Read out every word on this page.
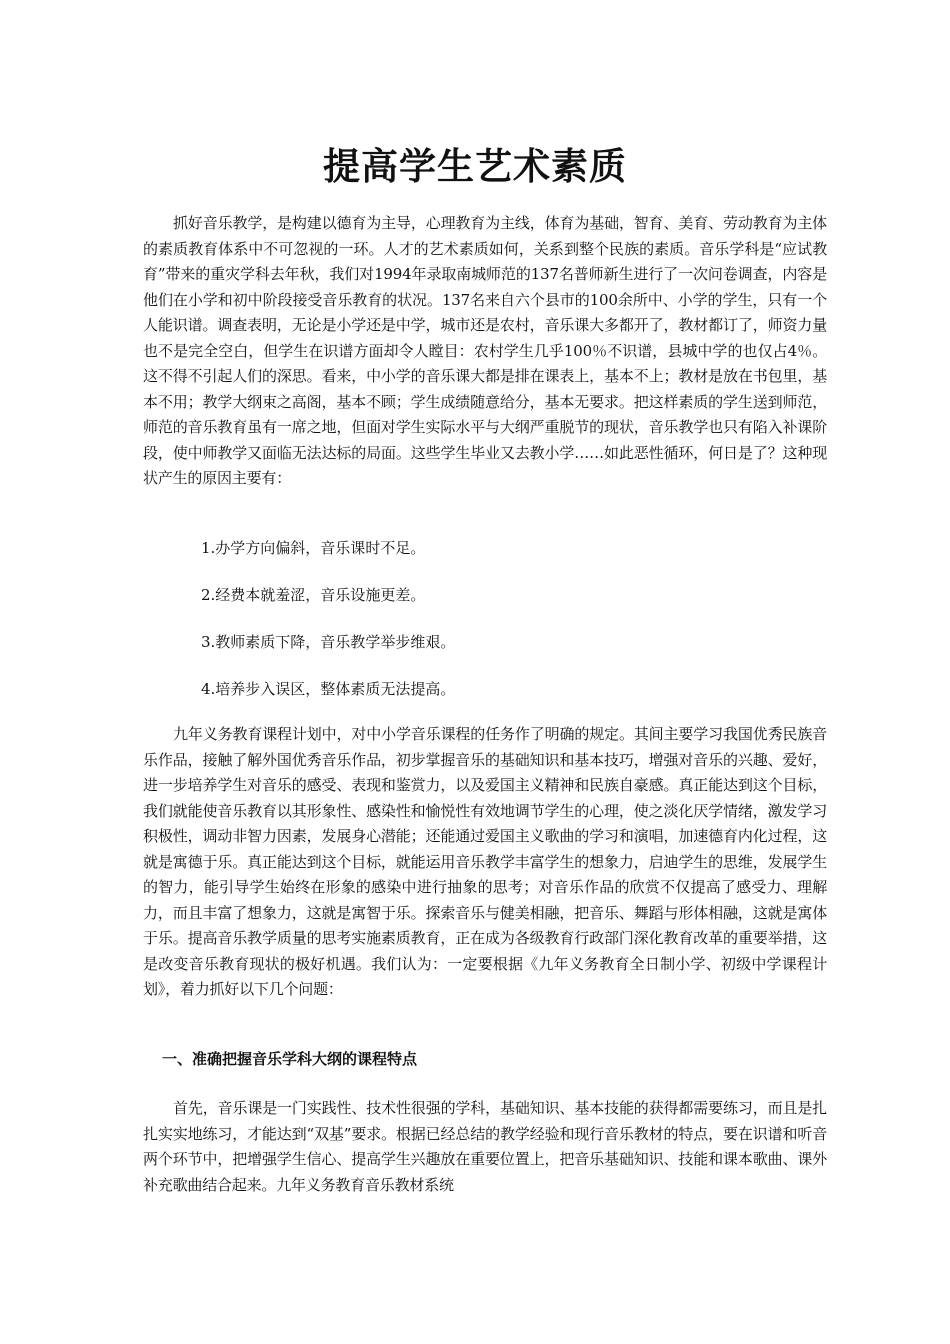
提高学生艺术素质

抓好音乐教学，是构建以德育为主导，心理教育为主线，体育为基础，智育、美育、劳动教育为主体的素质教育体系中不可忽视的一环。人才的艺术素质如何，关系到整个民族的素质。音乐学科是“应试教育”带来的重灾学科去年秋，我们对1994年录取南城师范的137名普师新生进行了一次问卷调查，内容是他们在小学和初中阶段接受音乐教育的状况。137名来自六个县市的100余所中、小学的学生，只有一个人能识谱。调查表明，无论是小学还是中学，城市还是农村，音乐课大多都开了，教材都订了，师资力量也不是完全空白，但学生在识谱方面却令人瞠目：农村学生几乎100％不识谱，县城中学的也仅占4％。这不得不引起人们的深思。看来，中小学的音乐课大都是排在课表上，基本不上；教材是放在书包里，基本不用；教学大纲束之高阁，基本不顾；学生成绩随意给分，基本无要求。把这样素质的学生送到师范，师范的音乐教育虽有一席之地，但面对学生实际水平与大纲严重脱节的现状，音乐教学也只有陷入补课阶段，使中师教学又面临无法达标的局面。这些学生毕业又去教小学……如此恶性循环，何日是了？这种现状产生的原因主要有：

1.办学方向偏斜，音乐课时不足。

2.经费本就羞涩，音乐设施更差。

3.教师素质下降，音乐教学举步维艰。

4.培养步入误区，整体素质无法提高。

九年义务教育课程计划中，对中小学音乐课程的任务作了明确的规定。其间主要学习我国优秀民族音乐作品，接触了解外国优秀音乐作品，初步掌握音乐的基础知识和基本技巧，增强对音乐的兴趣、爱好，进一步培养学生对音乐的感受、表现和鉴赏力，以及爱国主义精神和民族自豪感。真正能达到这个目标，我们就能使音乐教育以其形象性、感染性和愉悦性有效地调节学生的心理，使之淡化厌学情绪，激发学习积极性，调动非智力因素，发展身心潜能；还能通过爱国主义歌曲的学习和演唱，加速德育内化过程，这就是寓德于乐。真正能达到这个目标，就能运用音乐教学丰富学生的想象力，启迪学生的思维，发展学生的智力，能引导学生始终在形象的感染中进行抽象的思考；对音乐作品的欣赏不仅提高了感受力、理解力，而且丰富了想象力，这就是寓智于乐。探索音乐与健美相融，把音乐、舞蹈与形体相融，这就是寓体于乐。提高音乐教学质量的思考实施素质教育，正在成为各级教育行政部门深化教育改革的重要举措，这是改变音乐教育现状的极好机遇。我们认为：一定要根据《九年义务教育全日制小学、初级中学课程计划》，着力抓好以下几个问题：

一、准确把握音乐学科大纲的课程特点

首先，音乐课是一门实践性、技术性很强的学科，基础知识、基本技能的获得都需要练习，而且是扎扎实实地练习，才能达到“双基”要求。根据已经总结的教学经验和现行音乐教材的特点，要在识谱和听音两个环节中，把增强学生信心、提高学生兴趣放在重要位置上，把音乐基础知识、技能和课本歌曲、课外补充歌曲结合起来。九年义务教育音乐教材系统
